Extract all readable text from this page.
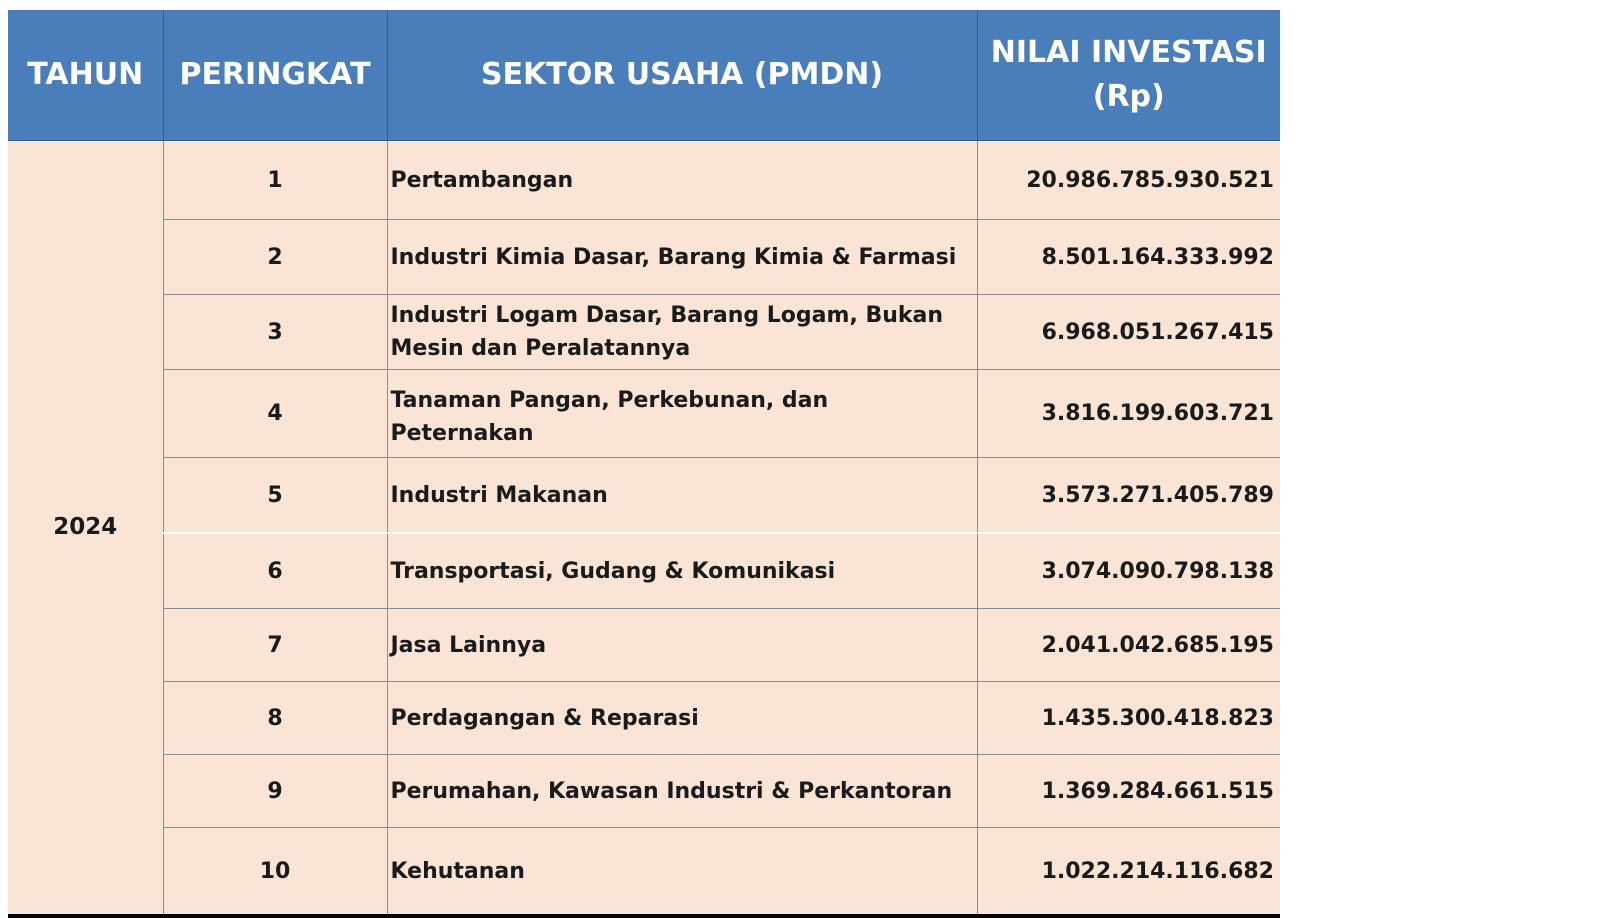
TAHUN	PERINGKAT	SEKTOR USAHA (PMDN)	NILAI INVESTASI
(Rp)
2024	1	Pertambangan	20.986.785.930.521
	2	Industri Kimia Dasar, Barang Kimia & Farmasi	8.501.164.333.992
	3	Industri Logam Dasar, Barang Logam, Bukan Mesin dan Peralatannya	6.968.051.267.415
	4	Tanaman Pangan, Perkebunan, dan Peternakan	3.816.199.603.721
	5	Industri Makanan	3.573.271.405.789
	6	Transportasi, Gudang & Komunikasi	3.074.090.798.138
	7	Jasa Lainnya	2.041.042.685.195
	8	Perdagangan & Reparasi	1.435.300.418.823
	9	Perumahan, Kawasan Industri & Perkantoran	1.369.284.661.515
	10	Kehutanan	1.022.214.116.682
